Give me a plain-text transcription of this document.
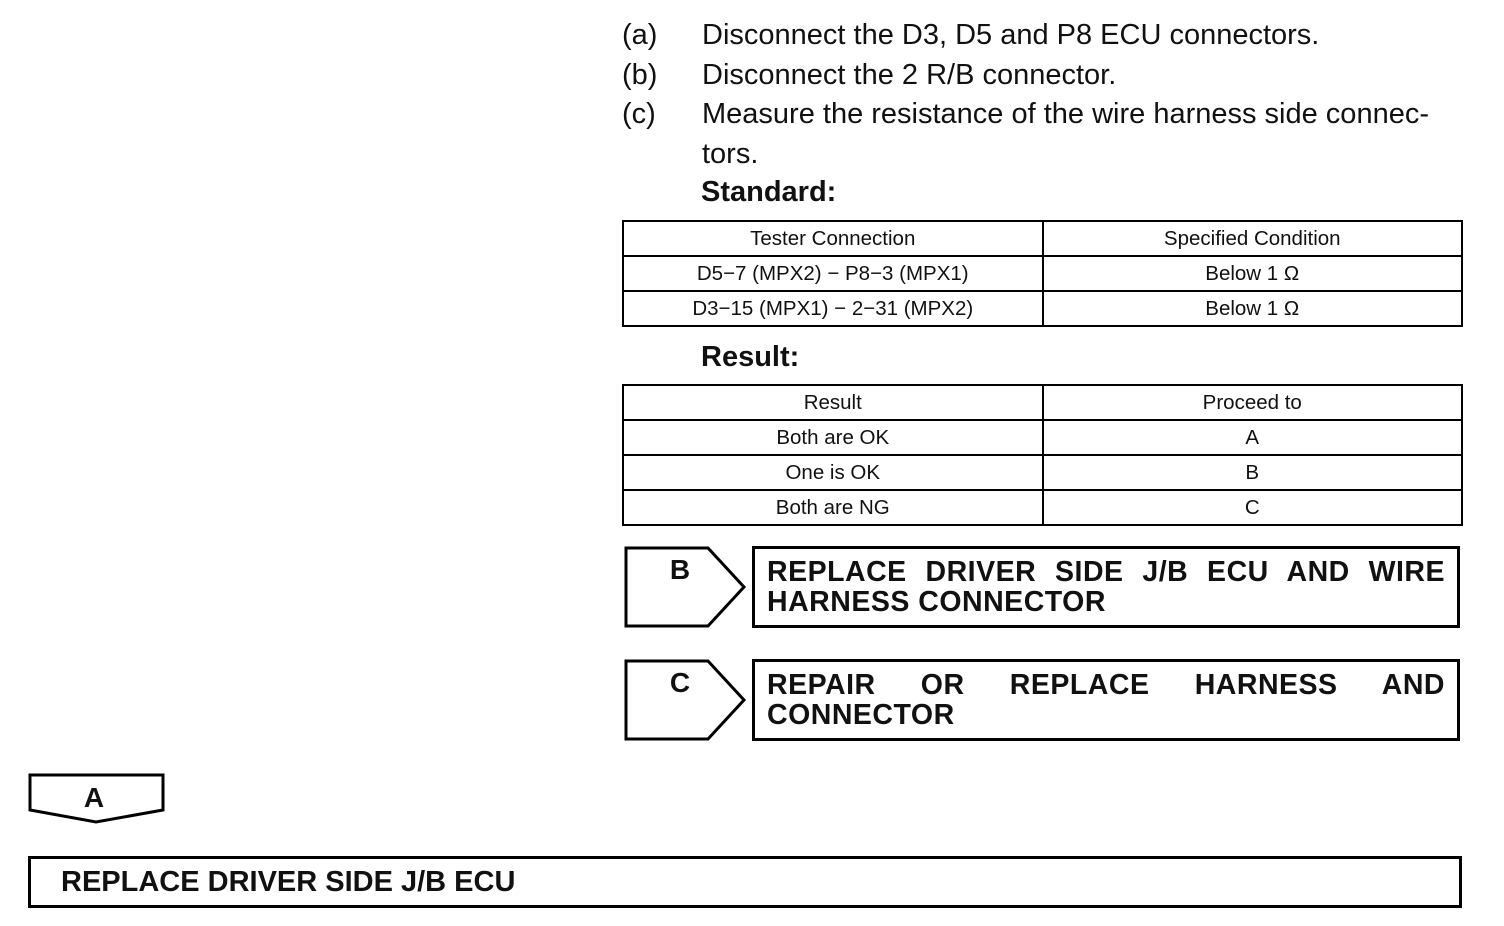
(a)	Disconnect the D3, D5 and P8 ECU connectors.
(b)	Disconnect the 2 R/B connector.
(c)	Measure the resistance of the wire harness side connec-tors.
Standard:
Tester Connection	Specified Condition
D5−7 (MPX2) − P8−3 (MPX1)	Below 1 Ω
D3−15 (MPX1) − 2−31 (MPX2)	Below 1 Ω
Result:
Result	Proceed to
Both are OK	A
One is OK	B
Both are NG	C
B	REPLACE DRIVER SIDE J/B ECU AND WIRE HARNESS CONNECTOR
C	REPAIR OR REPLACE HARNESS AND CONNECTOR
A
REPLACE DRIVER SIDE J/B ECU
